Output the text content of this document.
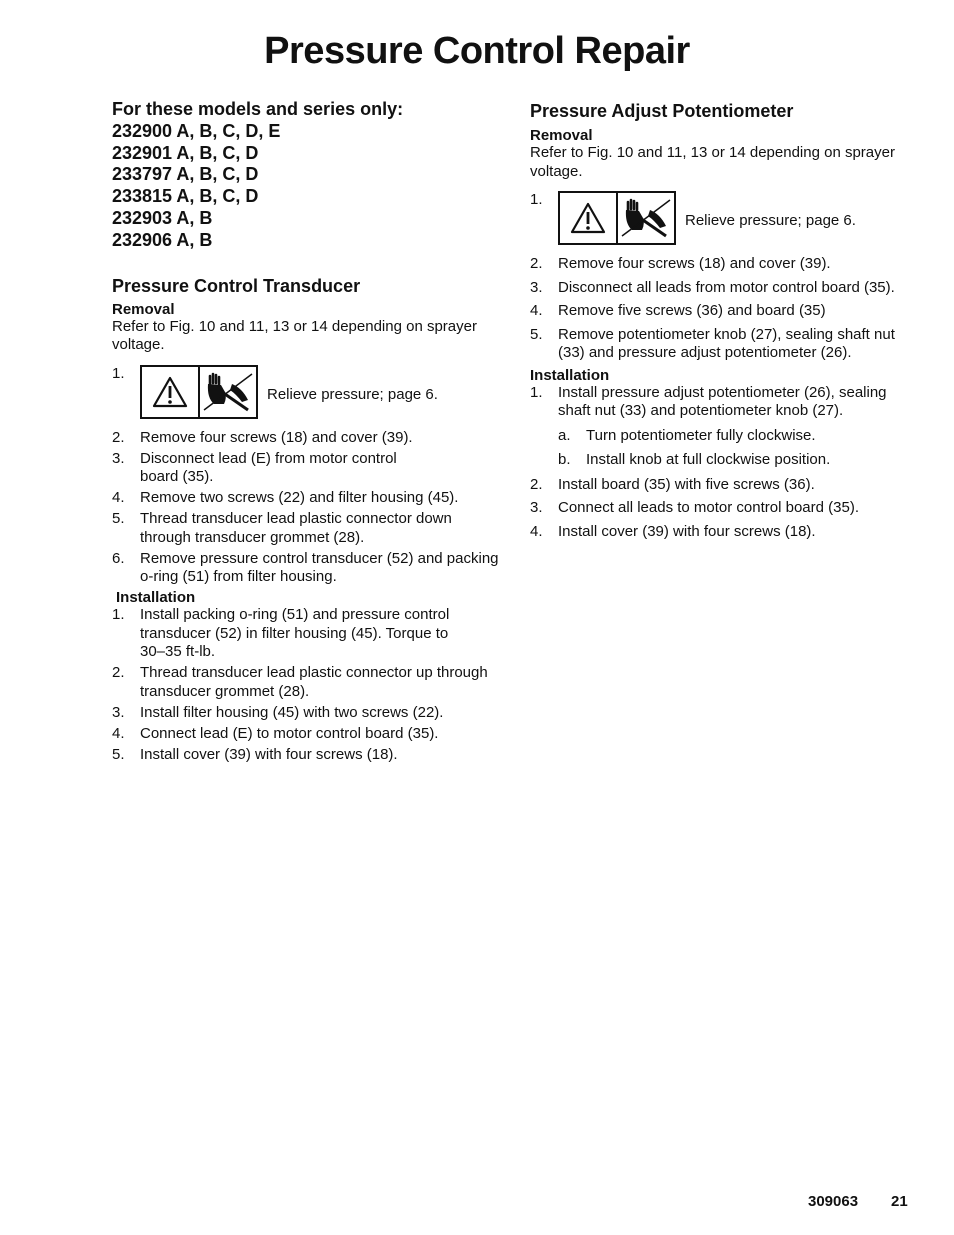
Pressure Control Repair
For these models and series only:
232900 A, B, C, D, E
232901 A, B, C, D
233797 A, B, C, D
233815 A, B, C, D
232903 A, B
232906 A, B
Pressure Control Transducer
Removal

Refer to Fig. 10 and 11, 13 or 14 depending on sprayer voltage.

1.
Relieve pressure; page 6.
2.	Remove four screws (18) and cover (39).
3.	Disconnect lead (E) from motor control board (35).
4.	Remove two screws (22) and filter housing (45).
5.	Thread transducer lead plastic connector down through transducer grommet (28).
6.	Remove pressure control transducer (52) and packing o-ring (51) from filter housing.
Installation
1.	Install packing o-ring (51) and pressure control transducer (52) in filter housing (45). Torque to 30–35 ft-lb.
2.	Thread transducer lead plastic connector up through transducer grommet (28).
3.	Install filter housing (45) with two screws (22).
4.	Connect lead (E) to motor control board (35).
5.	Install cover (39) with four screws (18).
Pressure Adjust Potentiometer
Removal

Refer to Fig. 10 and 11, 13 or 14 depending on sprayer voltage.

1.
Relieve pressure; page 6.
2.	Remove four screws (18) and cover (39).
3.	Disconnect all leads from motor control board (35).
4.	Remove five screws (36) and board (35)
5.	Remove potentiometer knob (27), sealing shaft nut (33) and pressure adjust potentiometer (26).
Installation
1.	Install pressure adjust potentiometer (26), sealing shaft nut (33) and potentiometer knob (27).
a.	Turn potentiometer fully clockwise.
b.	Install knob at full clockwise position.
2.	Install board (35) with five screws (36).
3.	Connect all leads to motor control board (35).
4.	Install cover (39) with four screws (18).
309063 21
